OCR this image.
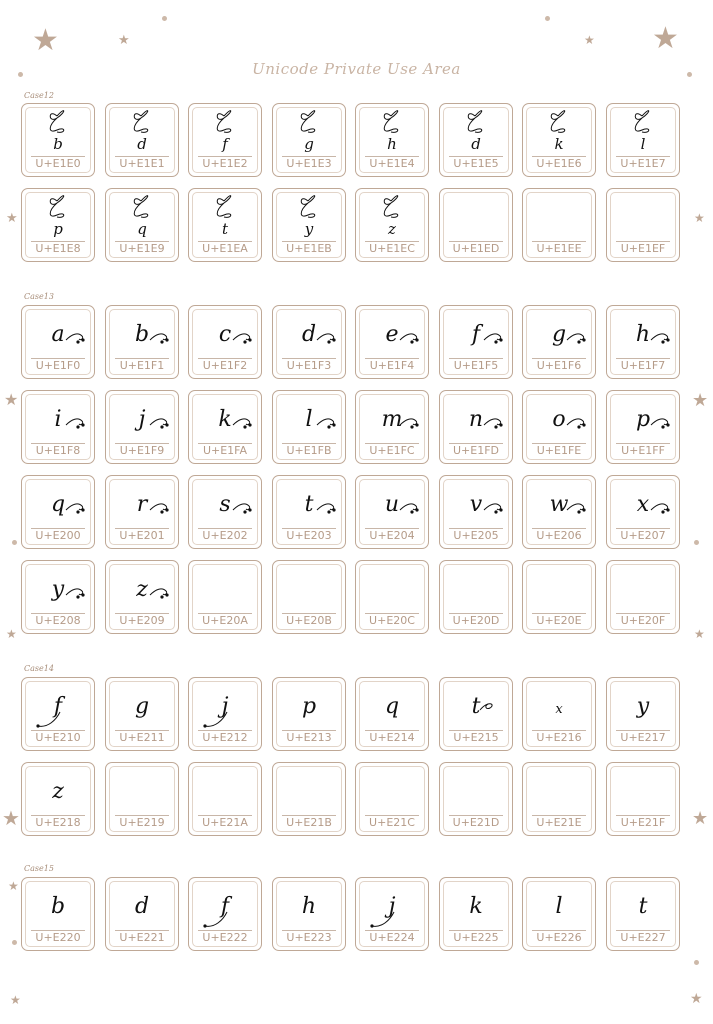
Unicode Private Use Area
★	★	★
★
★	★
★	★
★	★
★	★
★
★	★
Case12
$_b$
U+E1E0
$_d$
U+E1E1
$_f$
U+E1E2
$_g$
U+E1E3
$_h$
U+E1E4
$_d$
U+E1E5
$_k$
U+E1E6
$_l$
U+E1E7
$_p$
U+E1E8
$_q$
U+E1E9
$_t$
U+E1EA
$_y$
U+E1EB
$_z$
U+E1EC	U+E1ED	U+E1EE	U+E1EF
Case13
a
U+E1F0
b
U+E1F1
c
U+E1F2
d
U+E1F3
e
U+E1F4
f
U+E1F5
g
U+E1F6
h
U+E1F7
i
U+E1F8
j
U+E1F9
k
U+E1FA
l
U+E1FB
m
U+E1FC
n
U+E1FD
o
U+E1FE
p
U+E1FF
q
U+E200
r
U+E201
s
U+E202
t
U+E203
u
U+E204
v
U+E205
w
U+E206
x
U+E207
y
U+E208
z
U+E209	U+E20A	U+E20B	U+E20C	U+E20D	U+E20E	U+E20F
Case14
f
U+E210
g
U+E211
j
U+E212
p
U+E213
q
U+E214
t
U+E215
x
U+E216
y
U+E217
z
U+E218	U+E219	U+E21A	U+E21B	U+E21C	U+E21D	U+E21E	U+E21F
Case15
b
U+E220
d
U+E221
f
U+E222
h
U+E223
j
U+E224
k
U+E225
l
U+E226
t
U+E227
